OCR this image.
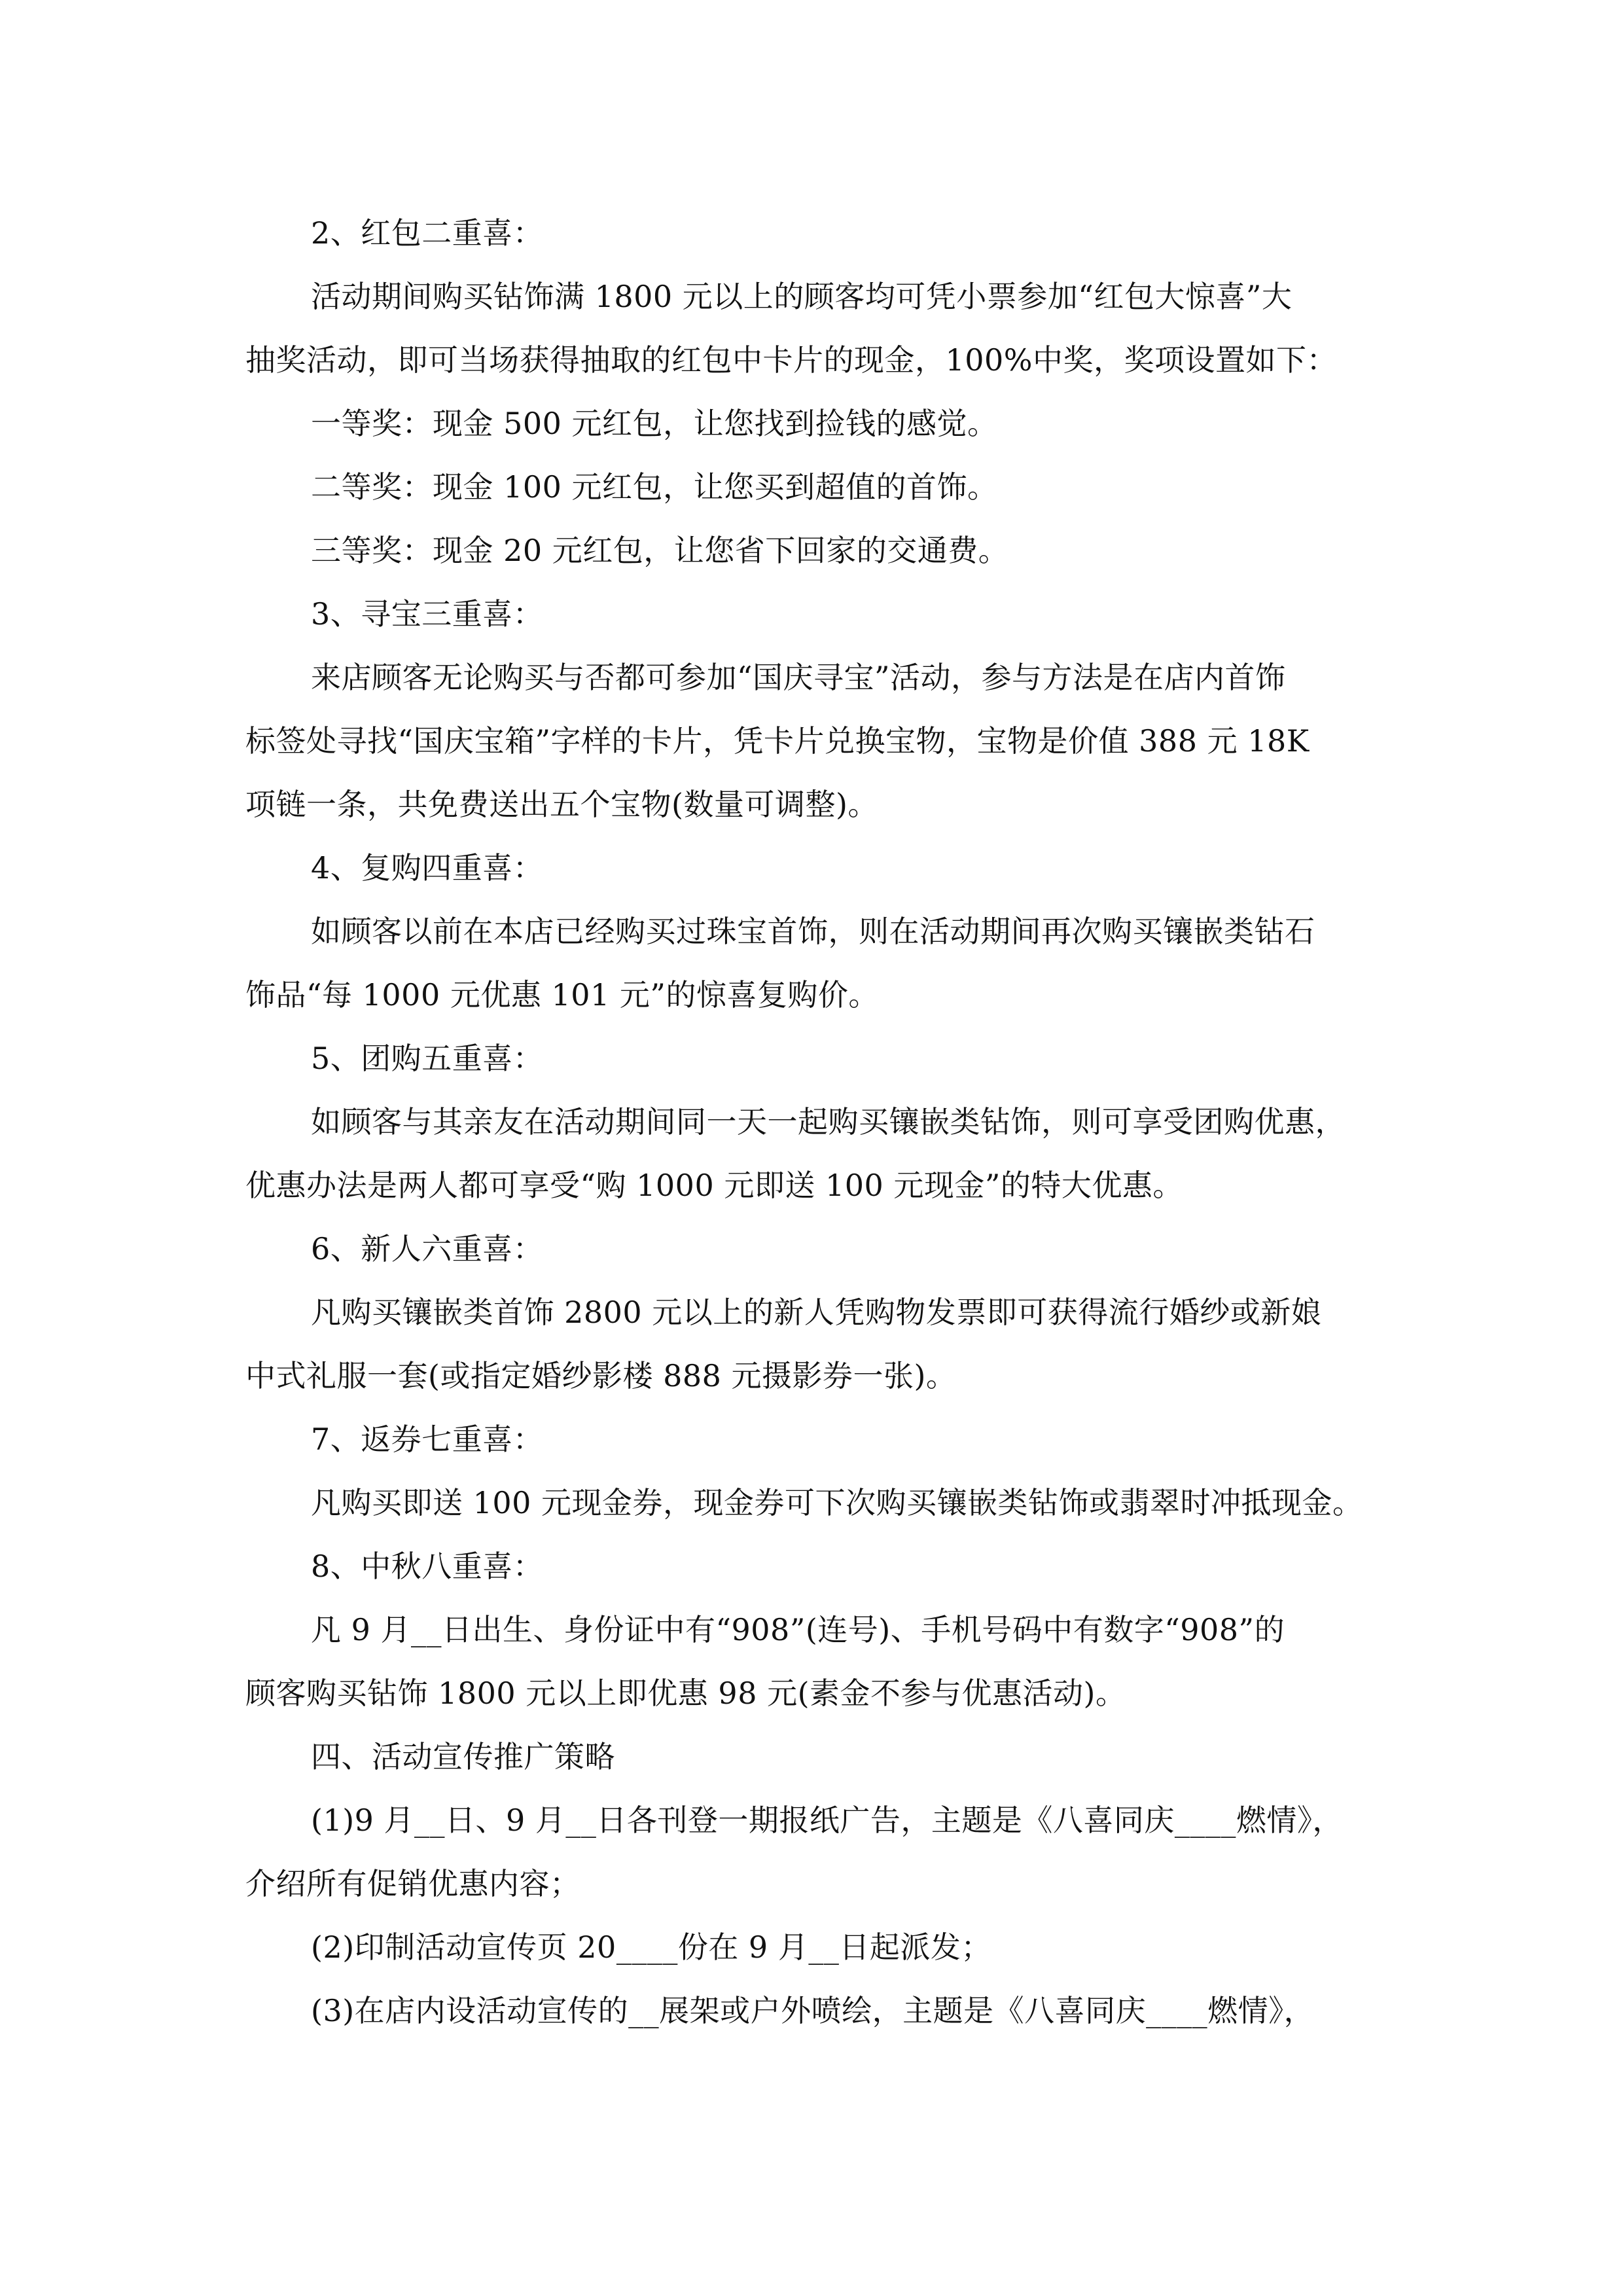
2、红包二重喜：
活动期间购买钻饰满 1800 元以上的顾客均可凭小票参加“红包大惊喜”大
抽奖活动，即可当场获得抽取的红包中卡片的现金，100%中奖，奖项设置如下：
一等奖：现金 500 元红包，让您找到捡钱的感觉。
二等奖：现金 100 元红包，让您买到超值的首饰。
三等奖：现金 20 元红包，让您省下回家的交通费。
3、寻宝三重喜：
来店顾客无论购买与否都可参加“国庆寻宝”活动，参与方法是在店内首饰
标签处寻找“国庆宝箱”字样的卡片，凭卡片兑换宝物，宝物是价值 388 元 18K
项链一条，共免费送出五个宝物(数量可调整)。
4、复购四重喜：
如顾客以前在本店已经购买过珠宝首饰，则在活动期间再次购买镶嵌类钻石
饰品“每 1000 元优惠 101 元”的惊喜复购价。
5、团购五重喜：
如顾客与其亲友在活动期间同一天一起购买镶嵌类钻饰，则可享受团购优惠，
优惠办法是两人都可享受“购 1000 元即送 100 元现金”的特大优惠。
6、新人六重喜：
凡购买镶嵌类首饰 2800 元以上的新人凭购物发票即可获得流行婚纱或新娘
中式礼服一套(或指定婚纱影楼 888 元摄影券一张)。
7、返券七重喜：
凡购买即送 100 元现金券，现金券可下次购买镶嵌类钻饰或翡翠时冲抵现金。
8、中秋八重喜：
凡 9 月__日出生、身份证中有“908”(连号)、手机号码中有数字“908”的
顾客购买钻饰 1800 元以上即优惠 98 元(素金不参与优惠活动)。
四、活动宣传推广策略
(1)9 月__日、9 月__日各刊登一期报纸广告，主题是《八喜同庆____燃情》，
介绍所有促销优惠内容；
(2)印制活动宣传页 20____份在 9 月__日起派发；
(3)在店内设活动宣传的__展架或户外喷绘，主题是《八喜同庆____燃情》，
